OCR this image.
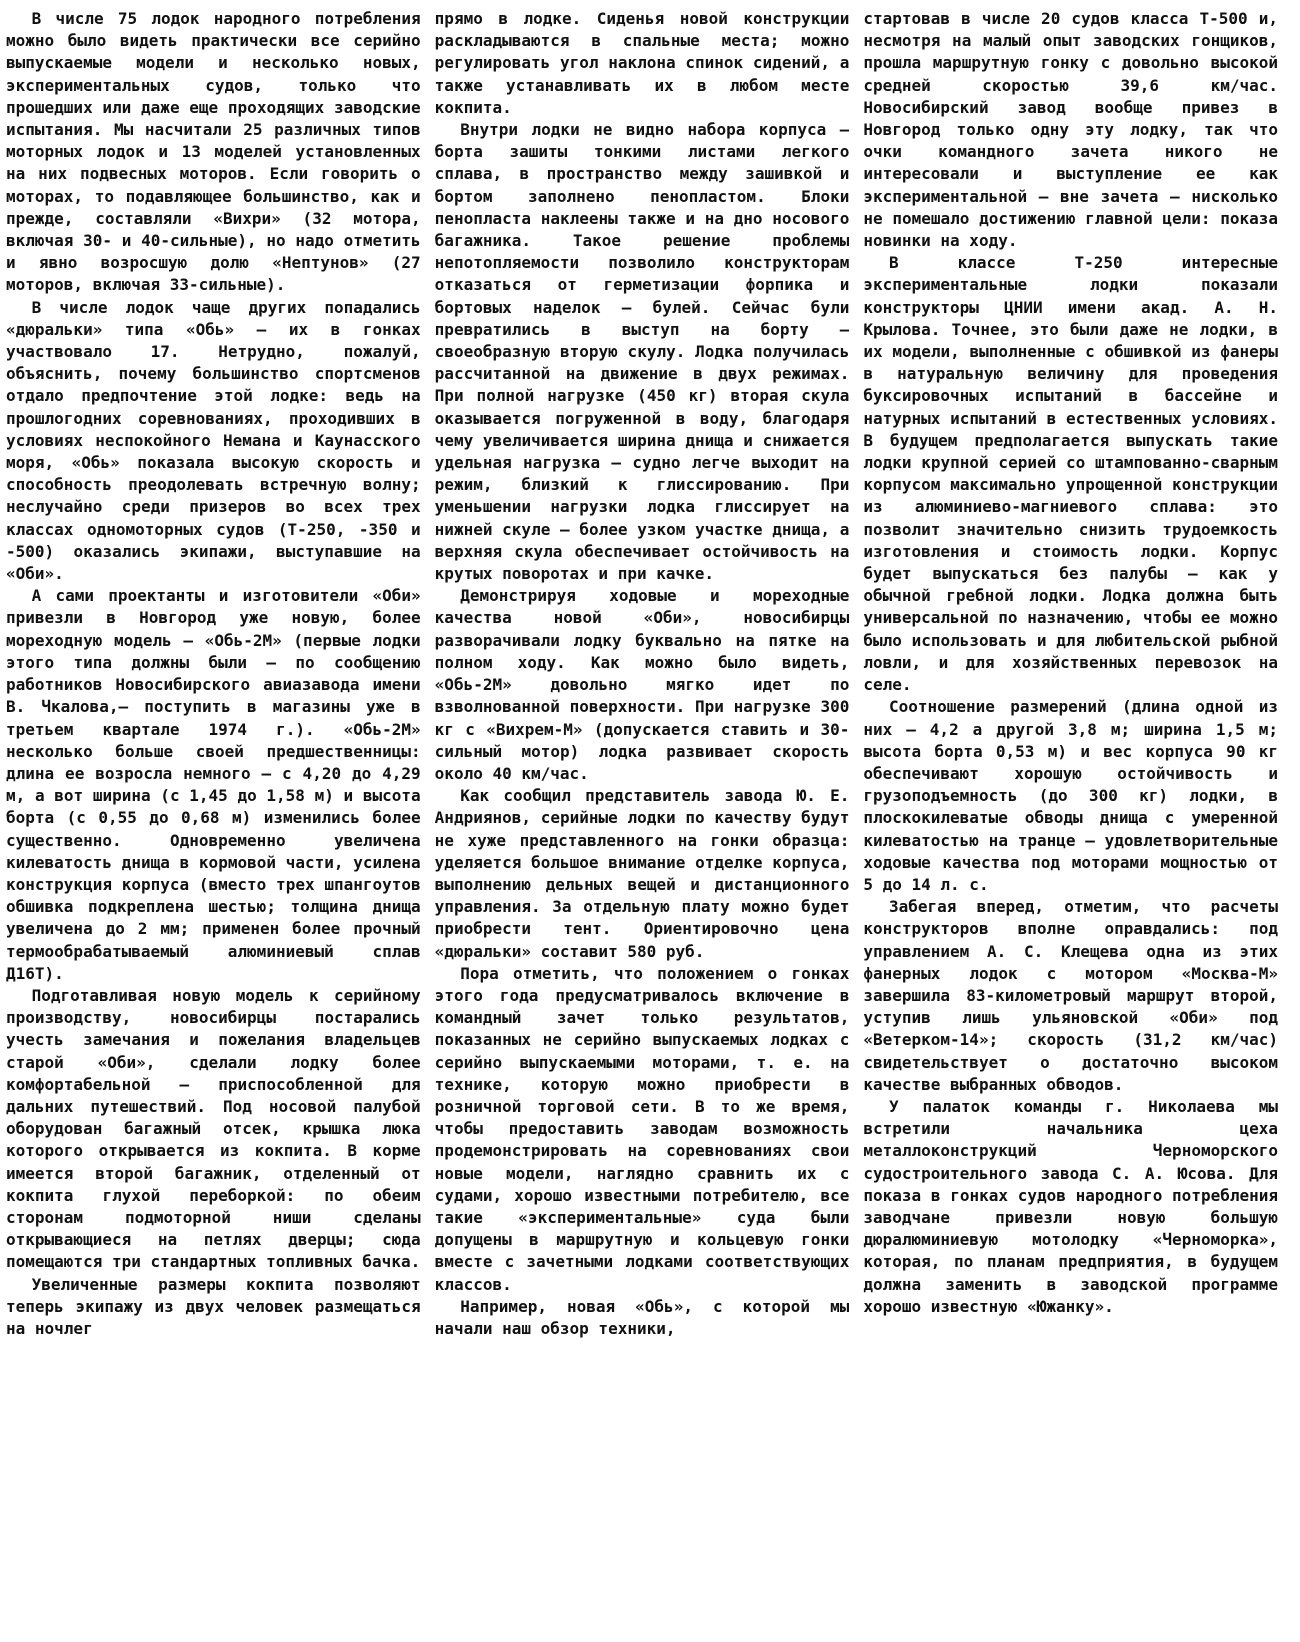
В числе 75 лодок народного потребления можно было видеть практически все серийно выпускаемые модели и несколько новых, экспериментальных судов, только что прошедших или даже еще проходящих заводские испытания. Мы насчитали 25 различных типов моторных лодок и 13 моделей установленных на них подвесных моторов. Если говорить о моторах, то подавляющее большинство, как и прежде, составляли «Вихри» (32 мотора, включая 30- и 40-сильные), но надо отметить и явно возросшую долю «Нептунов» (27 моторов, включая 33-сильные).

В числе лодок чаще других попадались «дюральки» типа «Обь» — их в гонках участвовало 17. Нетрудно, пожалуй, объяснить, почему большинство спортсменов отдало предпочтение этой лодке: ведь на прошлогодних соревнованиях, проходивших в условиях неспокойного Немана и Каунасского моря, «Обь» показала высокую скорость и способность преодолевать встречную волну; неслучайно среди призеров во всех трех классах одномоторных судов (Т-250, -350 и -500) оказались экипажи, выступавшие на «Оби».

А сами проектанты и изготовители «Оби» привезли в Новгород уже новую, более мореходную модель — «Обь-2М» (первые лодки этого типа должны были — по сообщению работников Новосибирского авиазавода имени В. Чкалова,— поступить в магазины уже в третьем квартале 1974 г.). «Обь-2М» несколько больше своей предшественницы: длина ее возросла немного — с 4,20 до 4,29 м, а вот ширина (с 1,45 до 1,58 м) и высота борта (с 0,55 до 0,68 м) изменились более существенно. Одновременно увеличена килеватость днища в кормовой части, усилена конструкция корпуса (вместо трех шпангоутов обшивка подкреплена шестью; толщина днища увеличена до 2 мм; применен более прочный термообрабатываемый алюминиевый сплав Д16Т).

Подготавливая новую модель к серийному производству, новосибирцы постарались учесть замечания и пожелания владельцев старой «Оби», сделали лодку более комфортабельной — приспособленной для дальних путешествий. Под носовой палубой оборудован багажный отсек, крышка люка которого открывается из кокпита. В корме имеется второй багажник, отделенный от кокпита глухой переборкой: по обеим сторонам подмоторной ниши сделаны открывающиеся на петлях дверцы; сюда помещаются три стандартных топливных бачка.

Увеличенные размеры кокпита позволяют теперь экипажу из двух человек размещаться на ночлег

прямо в лодке. Сиденья новой конструкции раскладываются в спальные места; можно регулировать угол наклона спинок сидений, а также устанавливать их в любом месте кокпита.

Внутри лодки не видно набора корпуса — борта зашиты тонкими листами легкого сплава, в пространство между зашивкой и бортом заполнено пенопластом. Блоки пенопласта наклеены также и на дно носового багажника. Такое решение проблемы непотопляемости позволило конструкторам отказаться от герметизации форпика и бортовых наделок — булей. Сейчас були превратились в выступ на борту — своеобразную вторую скулу. Лодка получилась рассчитанной на движение в двух режимах. При полной нагрузке (450 кг) вторая скула оказывается погруженной в воду, благодаря чему увеличивается ширина днища и снижается удельная нагрузка — судно легче выходит на режим, близкий к глиссированию. При уменьшении нагрузки лодка глиссирует на нижней скуле — более узком участке днища, а верхняя скула обеспечивает остойчивость на крутых поворотах и при качке.

Демонстрируя ходовые и мореходные качества новой «Оби», новосибирцы разворачивали лодку буквально на пятке на полном ходу. Как можно было видеть, «Обь-2М» довольно мягко идет по взволнованной поверхности. При нагрузке 300 кг с «Вихрем-М» (допускается ставить и 30-сильный мотор) лодка развивает скорость около 40 км/час.

Как сообщил представитель завода Ю. Е. Андриянов, серийные лодки по качеству будут не хуже представленного на гонки образца: уделяется большое внимание отделке корпуса, выполнению дельных вещей и дистанционного управления. За отдельную плату можно будет приобрести тент. Ориентировочно цена «дюральки» составит 580 руб.

Пора отметить, что положением о гонках этого года предусматривалось включение в командный зачет только результатов, показанных не серийно выпускаемых лодках с серийно выпускаемыми моторами, т. е. на технике, которую можно приобрести в розничной торговой сети. В то же время, чтобы предоставить заводам возможность продемонстрировать на соревнованиях свои новые модели, наглядно сравнить их с судами, хорошо известными потребителю, все такие «экспериментальные» суда были допущены в маршрутную и кольцевую гонки вместе с зачетными лодками соответствующих классов.

Например, новая «Обь», с которой мы начали наш обзор техники,

стартовав в числе 20 судов класса Т-500 и, несмотря на малый опыт заводских гонщиков, прошла маршрутную гонку с довольно высокой средней скоростью 39,6 км/час. Новосибирский завод вообще привез в Новгород только одну эту лодку, так что очки командного зачета никого не интересовали и выступление ее как экспериментальной — вне зачета — нисколько не помешало достижению главной цели: показа новинки на ходу.

В классе Т-250 интересные экспериментальные лодки показали конструкторы ЦНИИ имени акад. А. Н. Крылова. Точнее, это были даже не лодки, в их модели, выполненные с обшивкой из фанеры в натуральную величину для проведения буксировочных испытаний в бассейне и натурных испытаний в естественных условиях. В будущем предполагается выпускать такие лодки крупной серией со штампованно-сварным корпусом максимально упрощенной конструкции из алюминиево-магниевого сплава: это позволит значительно снизить трудоемкость изготовления и стоимость лодки. Корпус будет выпускаться без палубы — как у обычной гребной лодки. Лодка должна быть универсальной по назначению, чтобы ее можно было использовать и для любительской рыбной ловли, и для хозяйственных перевозок на селе.

Соотношение размерений (длина одной из них — 4,2 а другой 3,8 м; ширина 1,5 м; высота борта 0,53 м) и вес корпуса 90 кг обеспечивают хорошую остойчивость и грузоподъемность (до 300 кг) лодки, в плоскокилеватые обводы днища с умеренной килеватостью на транце — удовлетворительные ходовые качества под моторами мощностью от 5 до 14 л. с.

Забегая вперед, отметим, что расчеты конструкторов вполне оправдались: под управлением А. С. Клещева одна из этих фанерных лодок с мотором «Москва-М» завершила 83-километровый маршрут второй, уступив лишь ульяновской «Оби» под «Ветерком-14»; скорость (31,2 км/час) свидетельствует о достаточно высоком качестве выбранных обводов.

У палаток команды г. Николаева мы встретили начальника цеха металлоконструкций Черноморского судостроительного завода С. А. Юсова. Для показа в гонках судов народного потребления заводчане привезли новую большую дюралюминиевую мотолодку «Черноморка», которая, по планам предприятия, в будущем должна заменить в заводской программе хорошо известную «Южанку».
